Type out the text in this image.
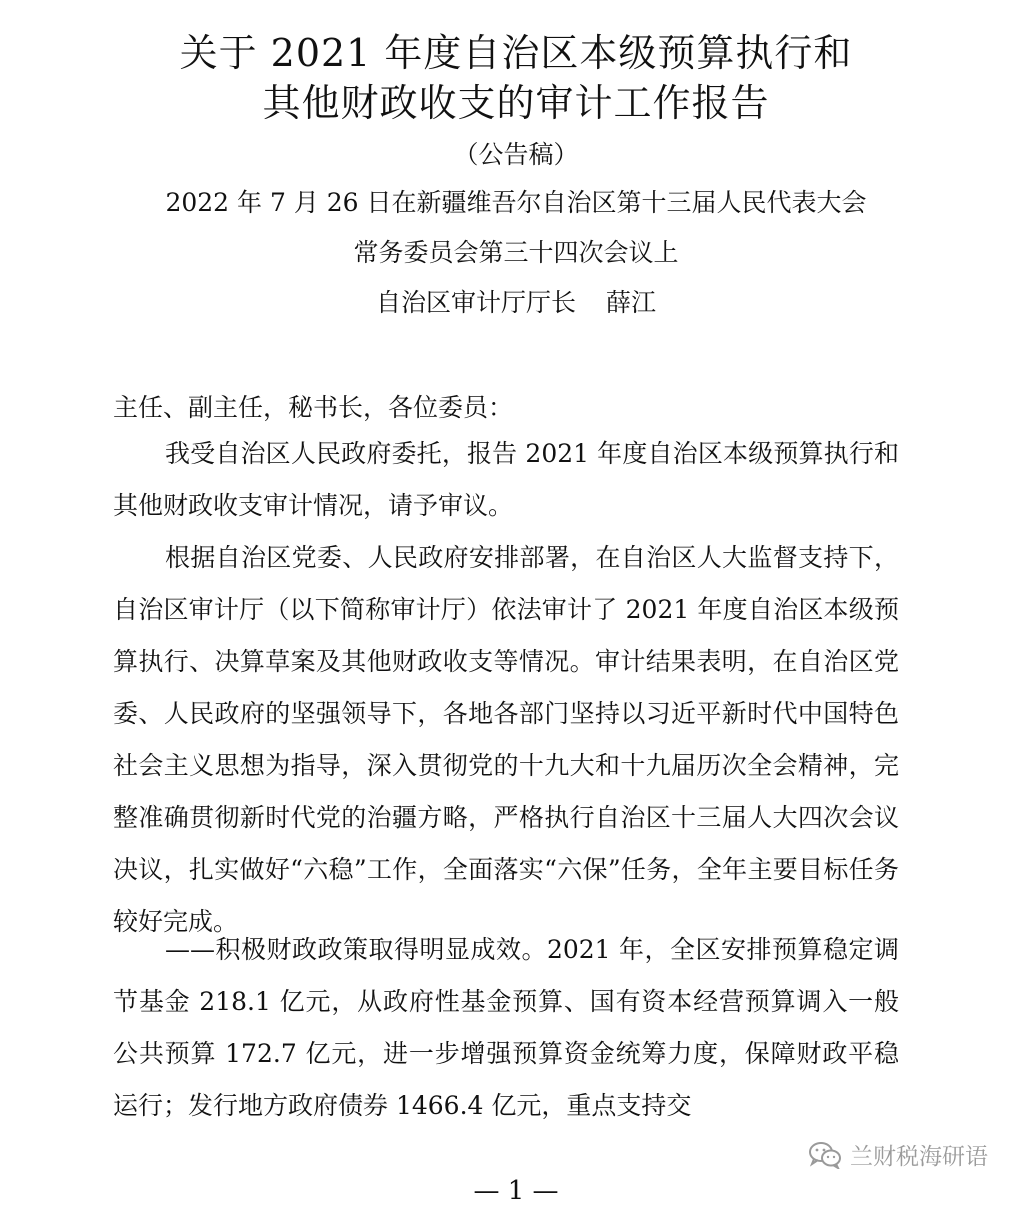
关于 2021 年度自治区本级预算执行和
其他财政收支的审计工作报告
（公告稿）
2022 年 7 月 26 日在新疆维吾尔自治区第十三届人民代表大会
常务委员会第三十四次会议上
自治区审计厅厅长 薛江

主任、副主任，秘书长，各位委员：

我受自治区人民政府委托，报告 2021 年度自治区本级预算执行和其他财政收支审计情况，请予审议。

根据自治区党委、人民政府安排部署，在自治区人大监督支持下，自治区审计厅（以下简称审计厅）依法审计了 2021 年度自治区本级预算执行、决算草案及其他财政收支等情况。审计结果表明，在自治区党委、人民政府的坚强领导下，各地各部门坚持以习近平新时代中国特色社会主义思想为指导，深入贯彻党的十九大和十九届历次全会精神，完整准确贯彻新时代党的治疆方略，严格执行自治区十三届人大四次会议决议，扎实做好“六稳”工作，全面落实“六保”任务，全年主要目标任务较好完成。

——积极财政政策取得明显成效。2021 年，全区安排预算稳定调节基金 218.1 亿元，从政府性基金预算、国有资本经营预算调入一般公共预算 172.7 亿元，进一步增强预算资金统筹力度，保障财政平稳运行；发行地方政府债券 1466.4 亿元，重点支持交

兰财税海研语
— 1 —
